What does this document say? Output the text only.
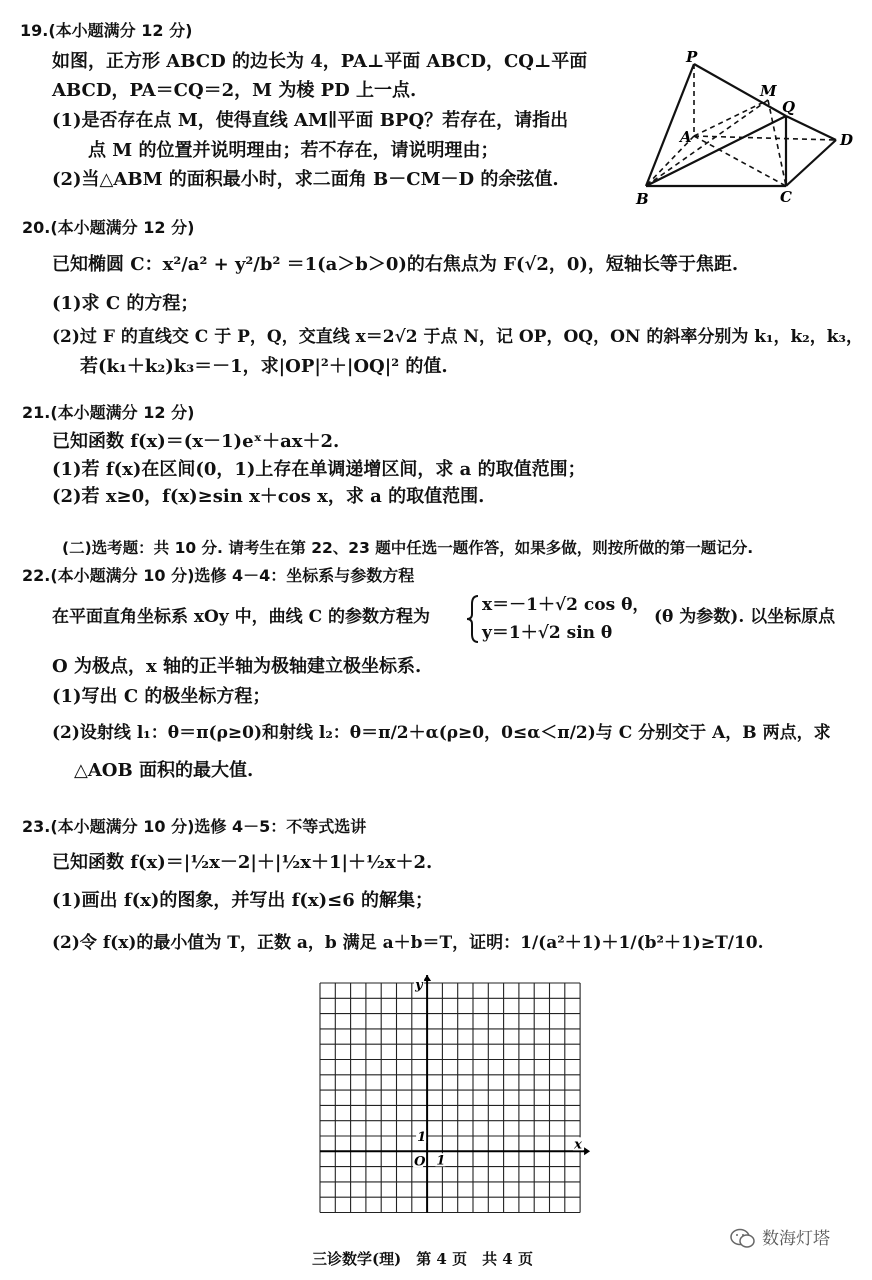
19.(本小题满分 12 分)
如图，正方形 ABCD 的边长为 4，PA⊥平面 ABCD，CQ⊥平面
ABCD，PA＝CQ＝2，M 为棱 PD 上一点.
(1)是否存在点 M，使得直线 AM∥平面 BPQ？若存在，请指出
点 M 的位置并说明理由；若不存在，请说明理由；
(2)当△ABM 的面积最小时，求二面角 B－CM－D 的余弦值.
P
M
Q
A	D
B	C
20.(本小题满分 12 分)
已知椭圆 C：x²/a² + y²/b² ＝1(a＞b＞0)的右焦点为 F(√2，0)，短轴长等于焦距.
(1)求 C 的方程；
(2)过 F 的直线交 C 于 P，Q，交直线 x＝2√2 于点 N，记 OP，OQ，ON 的斜率分别为 k₁，k₂，k₃，
若(k₁＋k₂)k₃＝－1，求|OP|²＋|OQ|² 的值.
21.(本小题满分 12 分)
已知函数 f(x)＝(x－1)eˣ＋ax＋2.
(1)若 f(x)在区间(0，1)上存在单调递增区间，求 a 的取值范围；
(2)若 x≥0，f(x)≥sin x＋cos x，求 a 的取值范围.
(二)选考题：共 10 分. 请考生在第 22、23 题中任选一题作答，如果多做，则按所做的第一题记分.
22.(本小题满分 10 分)选修 4－4：坐标系与参数方程
在平面直角坐标系 xOy 中，曲线 C 的参数方程为
x＝－1＋√2 cos θ，
y＝1＋√2 sin θ
(θ 为参数). 以坐标原点
O 为极点，x 轴的正半轴为极轴建立极坐标系.
(1)写出 C 的极坐标方程；
(2)设射线 l₁：θ＝π(ρ≥0)和射线 l₂：θ＝π/2＋α(ρ≥0，0≤α＜π/2)与 C 分别交于 A，B 两点，求
△AOB 面积的最大值.
23.(本小题满分 10 分)选修 4－5：不等式选讲
已知函数 f(x)＝|½x－2|＋|½x＋1|＋½x＋2.
(1)画出 f(x)的图象，并写出 f(x)≤6 的解集；
(2)令 f(x)的最小值为 T，正数 a，b 满足 a＋b＝T，证明：1/(a²＋1)＋1/(b²＋1)≥T/10.
y
x
O 1
1
三诊数学(理)　第 4 页　共 4 页
数海灯塔
